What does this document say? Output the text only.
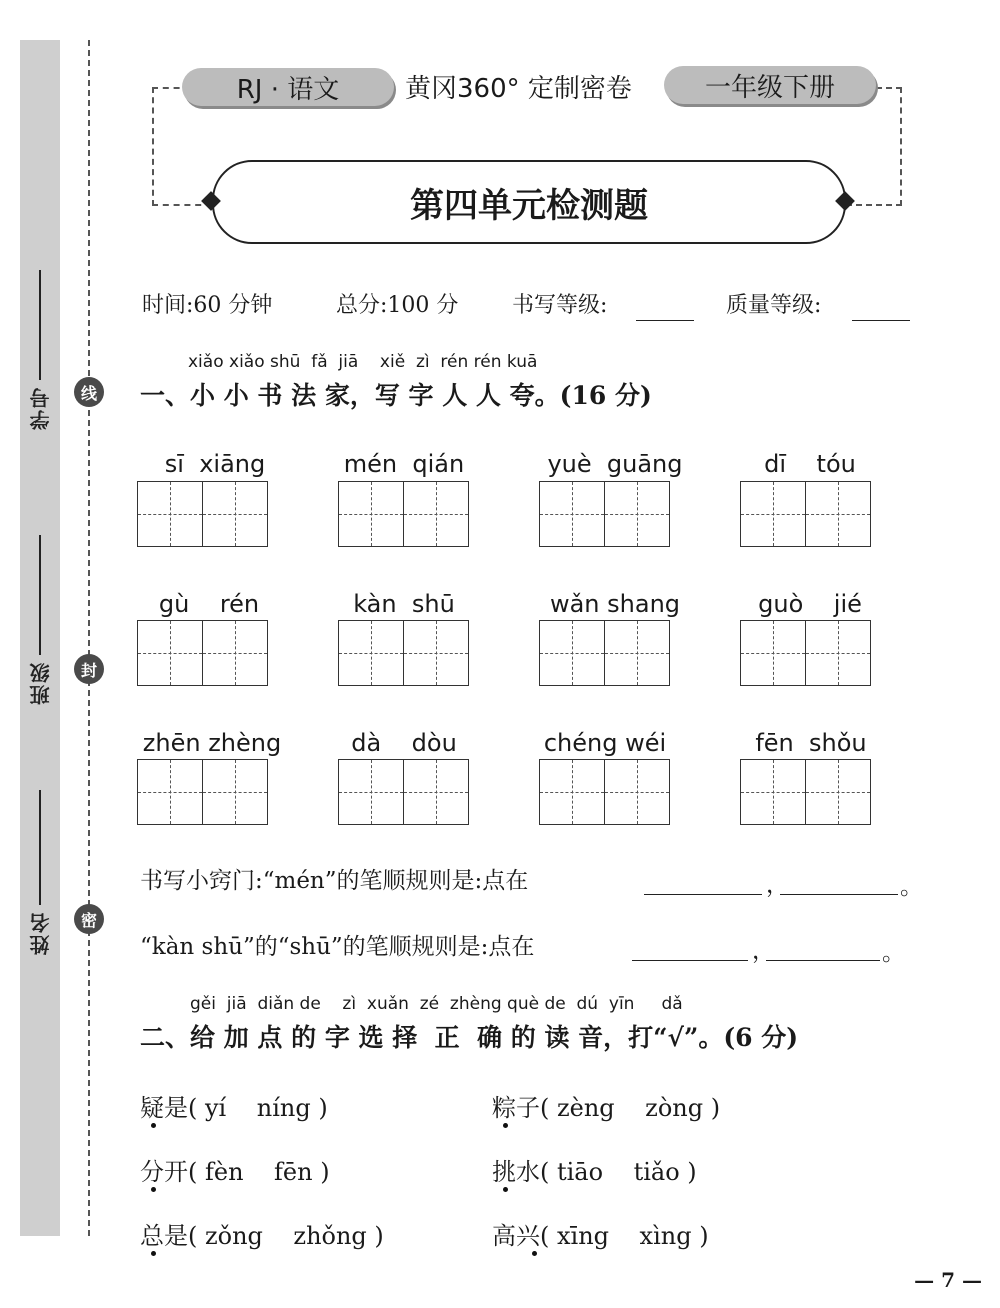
学号
班级
姓名
线
封
密
RJ · 语文	黄冈360° 定制密卷	一年级下册
第四单元检测题
时间:60 分钟	总分:100 分 书写等级:	质量等级:
xiǎo xiǎo shū  fǎ  jiā    xiě  zì  rén rén kuā
一、小 小 书 法 家，写 字 人 人 夸。(16 分)
sī  xiāng	mén  qián	yuè  guāng	dī    tóu
gù    rén	kàn  shū	wǎn shang	guò    jié
zhēn zhèng	dà    dòu	chéng wéi	fēn  shǒu
书写小窍门:“mén”的笔顺规则是:点在	，	。
“kàn shū”的“shū”的笔顺规则是:点在	，	。
gěi  jiā  diǎn de    zì  xuǎn  zé  zhèng què de  dú  yīn     dǎ
二、给 加 点 的 字 选 择  正  确 的 读 音，打“√”。(6 分)
疑是( yí    níng )	粽子( zèng    zòng )
分开( fèn    fēn )	挑水( tiāo    tiǎo )
总是( zǒng    zhǒng )	高兴( xīng    xìng )
— 7 —
